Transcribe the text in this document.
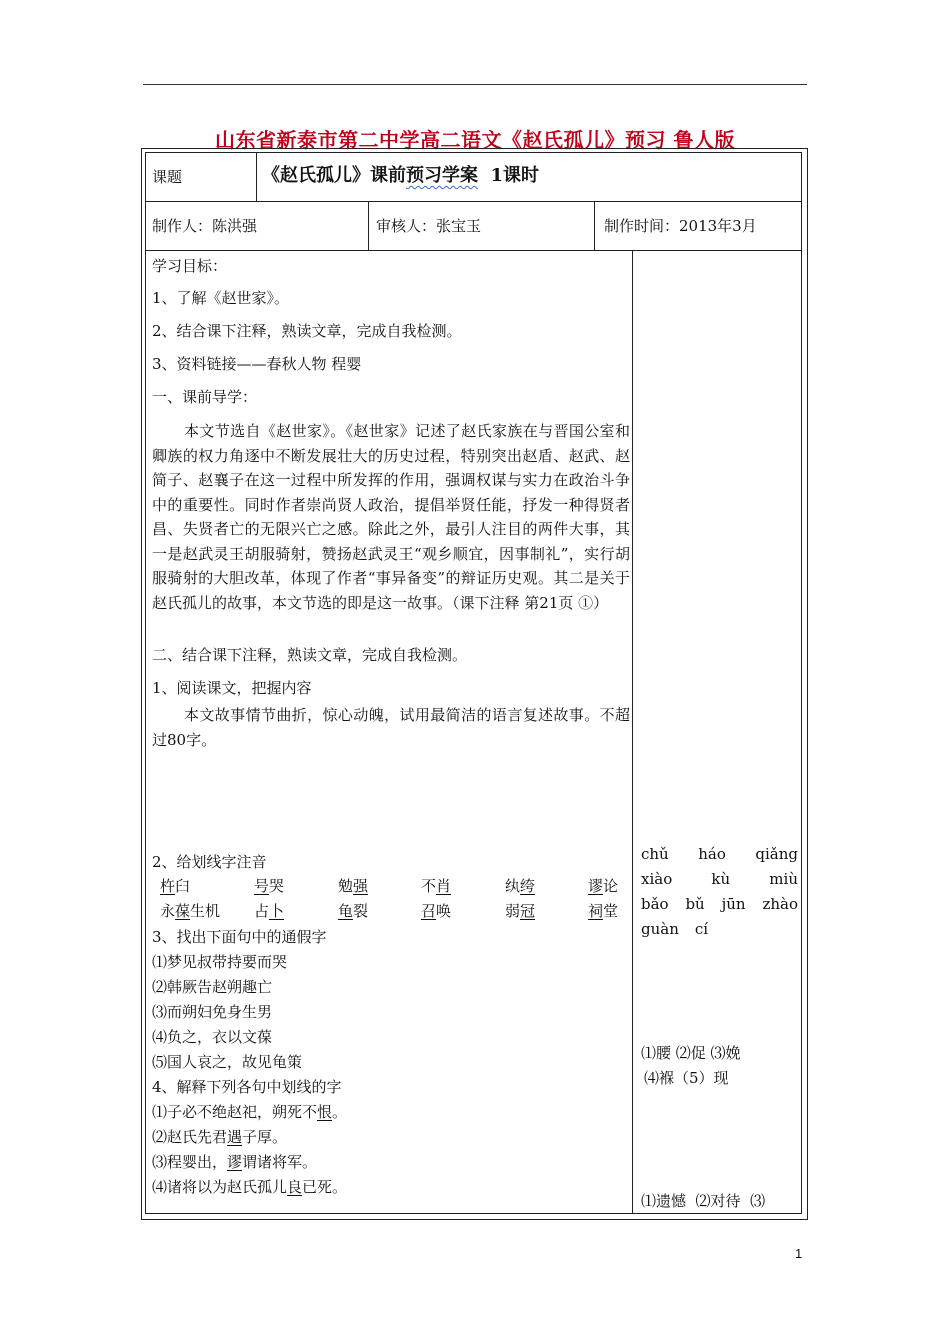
山东省新泰市第二中学高二语文《赵氏孤儿》预习 鲁人版
课题	《赵氏孤儿》课前预习学案  1课时
制作人：陈洪强	审核人：张宝玉	制作时间：2013年3月
学习目标：
1、了解《赵世家》。
2、结合课下注释，熟读文章，完成自我检测。
3、资料链接——春秋人物 程婴
一、课前导学：
本文节选自《赵世家》。《赵世家》记述了赵氏家族在与晋国公室和卿族的权力角逐中不断发展壮大的历史过程，特别突出赵盾、赵武、赵简子、赵襄子在这一过程中所发挥的作用，强调权谋与实力在政治斗争中的重要性。同时作者崇尚贤人政治，提倡举贤任能，抒发一种得贤者昌、失贤者亡的无限兴亡之感。除此之外，最引人注目的两件大事，其一是赵武灵王胡服骑射，赞扬赵武灵王“观乡顺宜，因事制礼”，实行胡服骑射的大胆改革，体现了作者“事异备变”的辩证历史观。其二是关于赵氏孤儿的故事，本文节选的即是这一故事。（课下注释 第21页 ①）
二、结合课下注释，熟读文章，完成自我检测。
1、阅读课文，把握内容
本文故事情节曲折，惊心动魄，试用最简洁的语言复述故事。不超过80字。
2、给划线字注音
杵臼	号哭	勉强	不肖	纨绔	谬论
永葆生机 占卜	龟裂	召唤	弱冠	祠堂
3、找出下面句中的通假字
⑴梦见叔带持要而哭
⑵韩厥告赵朔趣亡
⑶而朔妇免身生男
⑷负之，衣以文葆
⑸国人哀之，故见龟策
4、解释下列各句中划线的字
⑴子必不绝赵祀，朔死不恨。
⑵赵氏先君遇子厚。
⑶程婴出，谬谓诸将军。
⑷诸将以为赵氏孤儿良已死。
chǔ háo qiǎng
xiào	kù	miù
bǎo bǔ jūn zhào
guàn cí
⑴腰 ⑵促 ⑶娩
⑷褓（5）现
⑴遗憾  ⑵对待  ⑶
1
